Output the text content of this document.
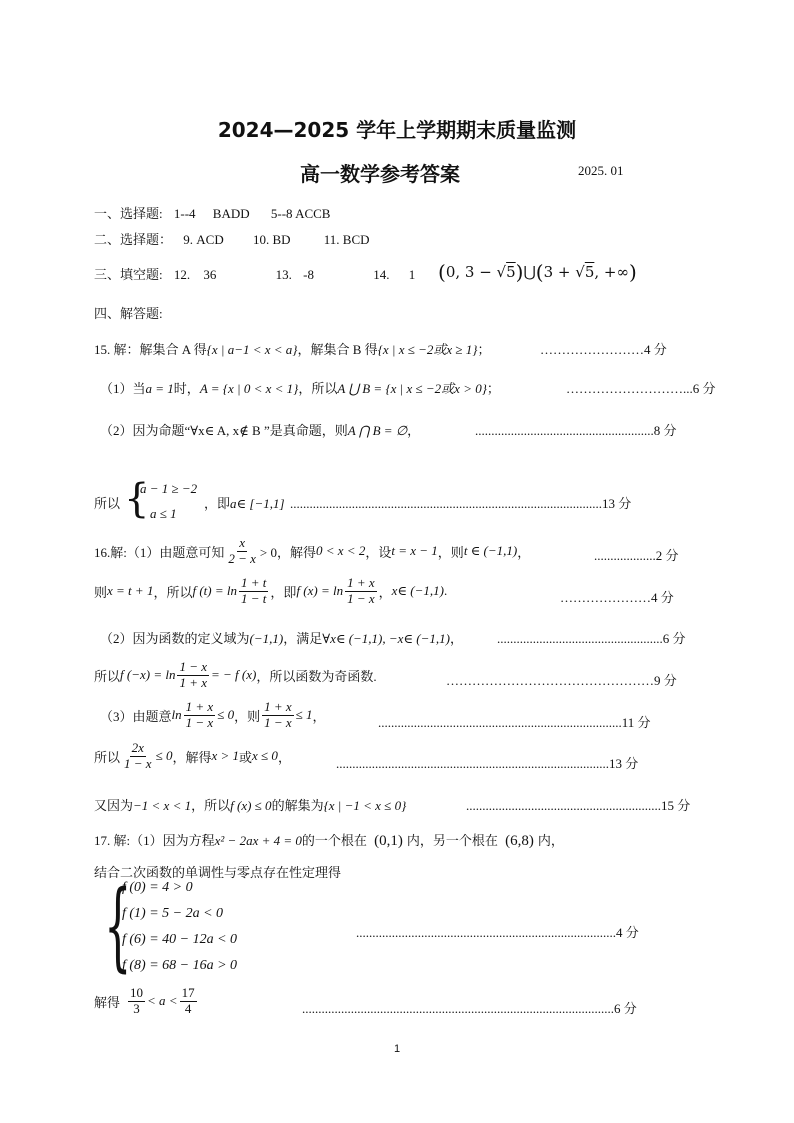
2024—2025 学年上学期期末质量监测
高一数学参考答案	2025. 01
一、选择题: 1--4 BADD 5--8 ACCB
二、选择题： 9. ACD 10. BD	11. BCD
三、填空题: 12. 36	13. -8	14. 1 (0, 3 − √5)⋃(3 + √5, +∞)
四、解答题:
15. 解：解集合 A 得{x | a−1 < x < a}，解集合 B 得{x | x ≤ −2或x ≥ 1}；	……………………4 分
（1）当a = 1时，A = {x | 0 < x < 1}，所以A ⋃ B = {x | x ≤ −2或x > 0}；	………………………...6 分
（2）因为命题“∀x∈ A, x∉ B ”是真命题，则A ⋂ B = ∅，	.......................................................8 分
所以 {
a − 1 ≥ −2
a ≤ 1
，即a∈ [−1,1] ................................................................................................13 分
16.解:（1）由题意可知 $\frac{x}{2 - x} > 0$，解得 0 < x < 2 ，设 t = x − 1 ，则 t ∈ (−1,1) ，	...................2 分
则 x = t + 1 ，所以 f $(t) = \ln \frac{1 + t}{1 - t}$ ，即 f $(x) = \ln \frac{1 + x}{1 - x}$ ， x∈ (−1,1) .	…………………4 分
（2）因为函数的定义域为(−1,1)，满足∀x∈ (−1,1), −x∈ (−1,1)，	...................................................6 分
所以 f $(-x) = \ln \frac{1 - x}{1 + x}$ = − f (x) ，所以函数为奇函数.	…………………………………………9 分
（3）由题意 $\ln \frac{1 + x}{1 - x} \le 0$ ，则 $\frac{1 + x}{1 - x} \le 1$ ，	...........................................................................11 分
所以 $\frac{2x}{1 - x} \le 0$ ，解得 x > 1 或 x ≤ 0 ，	....................................................................................13 分
又因为−1 < x < 1，所以f (x) ≤ 0的解集为{x | −1 < x ≤ 0}	............................................................15 分
17. 解:（1）因为方程x² − 2ax + 4 = 0的一个根在 (0,1) 内，另一个根在 (6,8) 内，
结合二次函数的单调性与零点存在性定理得
{
f (0) = 4 > 0
f (1) = 5 − 2a < 0
f (6) = 40 − 12a < 0
f (8) = 68 − 16a > 0
................................................................................4 分
解得 $\frac{10}{3} < a < \frac{17}{4}$	................................................................................................6 分
1
